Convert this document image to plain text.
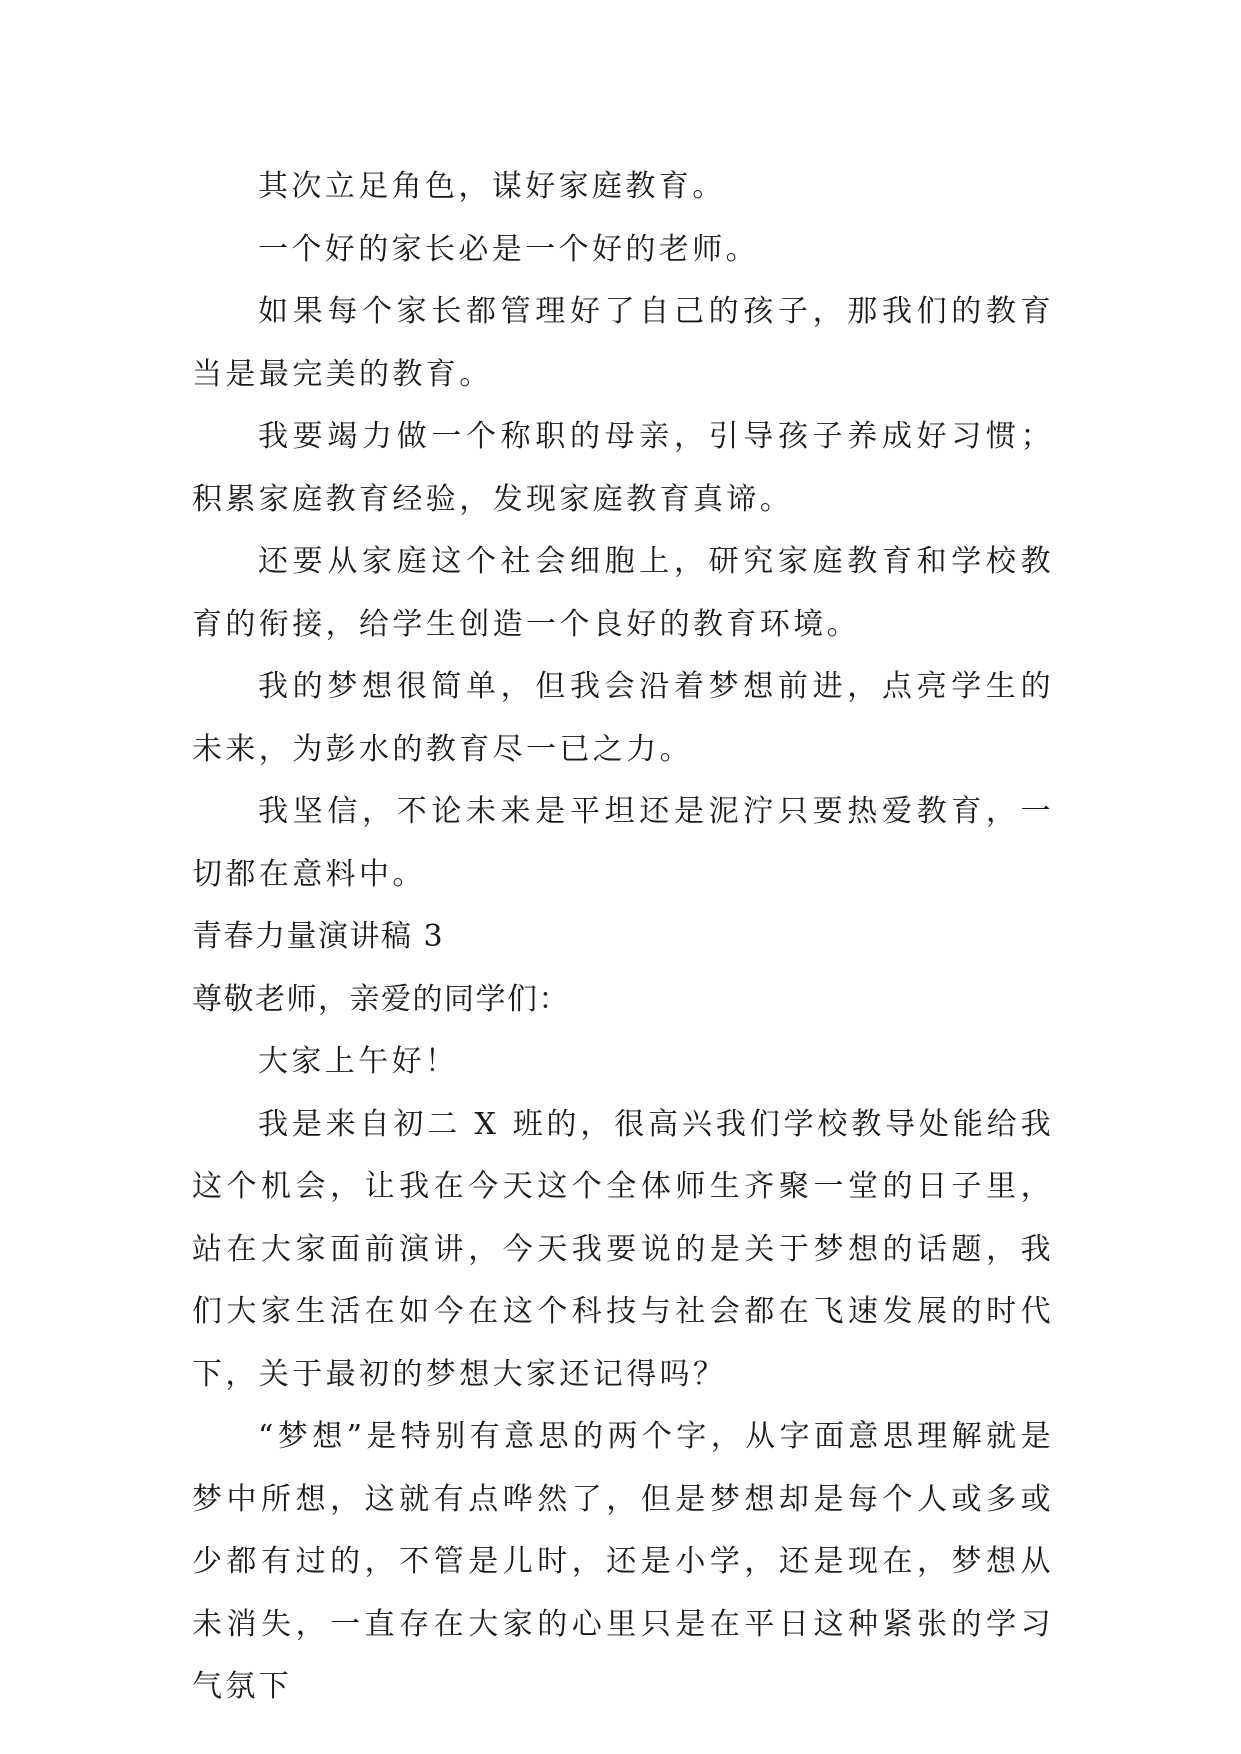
其次立足角色，谋好家庭教育。

一个好的家长必是一个好的老师。

如果每个家长都管理好了自己的孩子，那我们的教育当是最完美的教育。

我要竭力做一个称职的母亲，引导孩子养成好习惯；积累家庭教育经验，发现家庭教育真谛。

还要从家庭这个社会细胞上，研究家庭教育和学校教育的衔接，给学生创造一个良好的教育环境。

我的梦想很简单，但我会沿着梦想前进，点亮学生的未来，为彭水的教育尽一已之力。

我坚信，不论未来是平坦还是泥泞只要热爱教育，一切都在意料中。

青春力量演讲稿 3

尊敬老师，亲爱的同学们：

大家上午好！

我是来自初二 X 班的，很高兴我们学校教导处能给我这个机会，让我在今天这个全体师生齐聚一堂的日子里，站在大家面前演讲，今天我要说的是关于梦想的话题，我们大家生活在如今在这个科技与社会都在飞速发展的时代下，关于最初的梦想大家还记得吗？

“梦想”是特别有意思的两个字，从字面意思理解就是梦中所想，这就有点哗然了，但是梦想却是每个人或多或少都有过的，不管是儿时，还是小学，还是现在，梦想从未消失，一直存在大家的心里只是在平日这种紧张的学习气氛下
